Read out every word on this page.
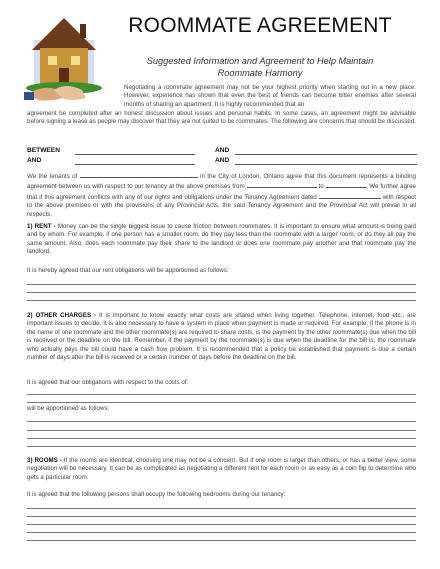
ROOMMATE AGREEMENT
Suggested Information and Agreement to Help Maintain
Roommate Harmony
Negotiating a roommate agreement may not be your highest priority when starting out in a new place. However, experience has shown that even the best of friends can become bitter enemies after several months of sharing an apartment. It is highly recommended that an
agreement be completed after an honest discussion about issues and personal habits. In some cases, an agreement might be advisable before signing a lease as people may discover that they are not suited to be roommates. The following are concerns that should be discussed.
BETWEEN	AND
AND	AND
We the tenants of	in the City of London, Ontario agree that this document represents a binding agreement between us with respect to our tenancy at the above premises from	to	. We further agree that if this agreement conflicts with any of our rights and obligations under the Tenancy Agreement dated	with respect to the above premises or with the provisions of any Provincial Acts, the said Tenancy Agreement and the Provincial Act will prevail in all respects.
1) RENT - Money can be the single biggest issue to cause friction between roommates. It is important to ensure what amount is being paid and by whom. For example, if one person has a smaller room, do they pay less than the roommate with a larger room, or do they all pay the same amount. Also, does each roommate pay their share to the landlord or does one roommate pay another and that roommate pay the landlord.
It is hereby agreed that our rent obligations will be apportioned as follows:
2) OTHER CHARGES - It is important to know exactly what costs are shared when living together. Telephone, internet, food etc., are important issues to decide. It is also necessary to have a system in place when payment is made or required. For example, if the phone is in the name of one roommate and the other roommate(s) are required to share costs, is the payment by the other roommate(s) due when the bill is received or the deadline on the bill. Remember, if the payment by the roommate(s) is due when the deadline for the bill is, the roommate who actually pays the bill could have a cash flow problem. It is recommended that a policy be established that payment is due a certain number of days after the bill is received or a certain number of days before the deadline on the bill.
It is agreed that our obligations with respect to the costs of:
will be apportioned as follows:
3) ROOMS - If the rooms are identical, choosing one may not be a concern. But if one room is larger than others, or has a better view, some negotiation will be necessary. It can be as complicated as negotiating a different rent for each room or as easy as a coin flip to determine who gets a particular room.
It is agreed that the following persons shall occupy the following bedrooms during our tenancy:
